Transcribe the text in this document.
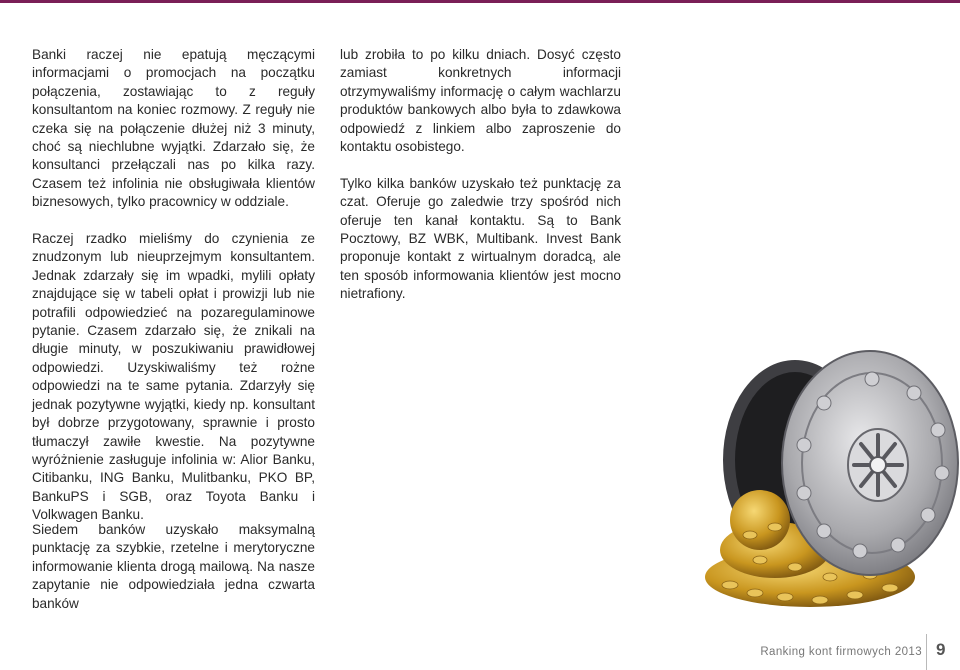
Banki raczej nie epatują męczącymi informacjami o promocjach na początku połączenia, zostawiając to z reguły konsultantom na koniec rozmowy. Z reguły nie czeka się na połączenie dłużej niż 3 minuty, choć są niechlubne wyjątki. Zdarzało się, że konsultanci przełączali nas po kilka razy. Czasem też infolinia nie obsługiwała klientów biznesowych, tylko pracownicy w oddziale.

Raczej rzadko mieliśmy do czynienia ze znudzonym lub nieuprzejmym konsultantem. Jednak zdarzały się im wpadki, mylili opłaty znajdujące się w tabeli opłat i prowizji lub nie potrafili odpowiedzieć na pozaregulaminowe pytanie. Czasem zdarzało się, że znikali na długie minuty, w poszukiwaniu prawidłowej odpowiedzi. Uzyskiwaliśmy też rożne odpowiedzi na te same pytania. Zdarzyły się jednak pozytywne wyjątki, kiedy np. konsultant był dobrze przygotowany, sprawnie i prosto tłumaczył zawiłe kwestie. Na pozytywne wyróżnienie zasługuje infolinia w: Alior Banku, Citibanku, ING Banku, Mulitbanku, PKO BP, BankuPS i SGB, oraz Toyota Banku i Volkwagen Banku.

Siedem banków uzyskało maksymalną punktację za szybkie, rzetelne i merytoryczne informowanie klienta drogą mailową. Na nasze zapytanie nie odpowiedziała jedna czwarta banków

lub zrobiła to po kilku dniach. Dosyć często zamiast konkretnych informacji otrzymywaliśmy informację o całym wachlarzu produktów bankowych albo była to zdawkowa odpowiedź z linkiem albo zaproszenie do kontaktu osobistego.

Tylko kilka banków uzyskało też punktację za czat. Oferuje go zaledwie trzy spośród nich oferuje ten kanał kontaktu. Są to Bank Pocztowy, BZ WBK, Multibank. Invest Bank proponuje kontakt z wirtualnym doradcą, ale ten sposób informowania klientów jest mocno nietrafiony.

Ranking kont firmowych 2013 9
